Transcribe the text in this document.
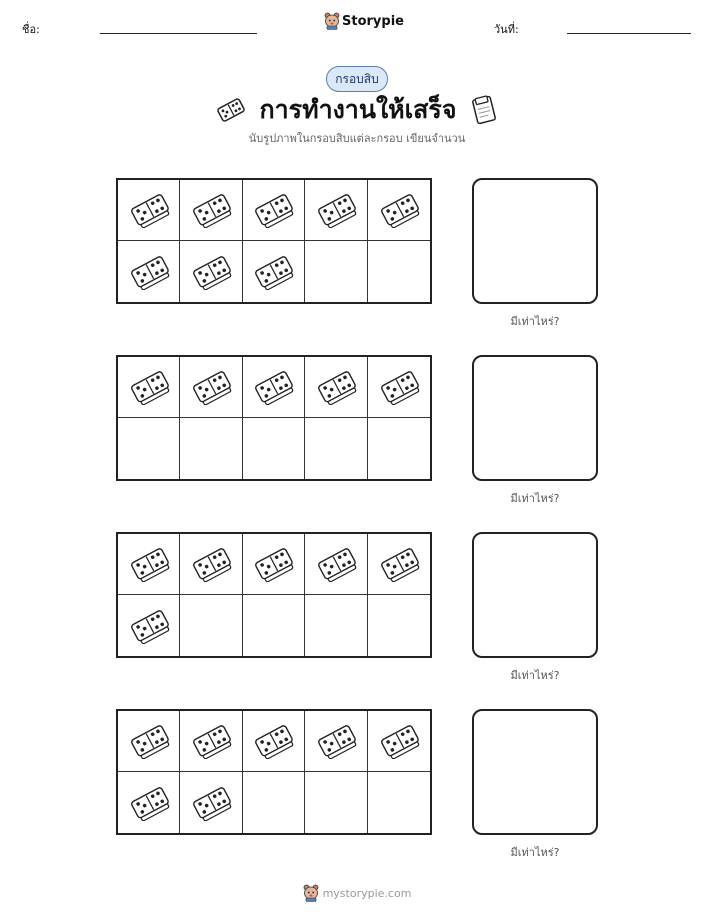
ชื่อ:
Storypie
วันที่:
กรอบสิบ
การทำงานให้เสร็จ
นับรูปภาพในกรอบสิบแต่ละกรอบ เขียนจำนวน
มีเท่าไหร่?
มีเท่าไหร่?
มีเท่าไหร่?
มีเท่าไหร่?
mystorypie.com
